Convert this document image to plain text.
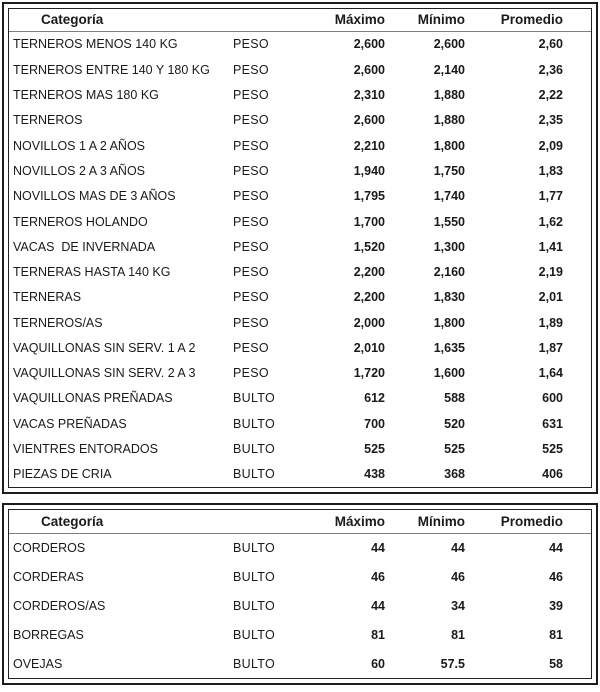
Categoría		Máximo	Mínimo	Promedio
TERNEROS MENOS 140 KG	PESO	2,600	2,600	2,60
TERNEROS ENTRE 140 Y 180 KG	PESO	2,600	2,140	2,36
TERNEROS MAS 180 KG	PESO	2,310	1,880	2,22
TERNEROS	PESO	2,600	1,880	2,35
NOVILLOS 1 A 2 AÑOS	PESO	2,210	1,800	2,09
NOVILLOS 2 A 3 AÑOS	PESO	1,940	1,750	1,83
NOVILLOS MAS DE 3 AÑOS	PESO	1,795	1,740	1,77
TERNEROS HOLANDO	PESO	1,700	1,550	1,62
VACAS  DE INVERNADA	PESO	1,520	1,300	1,41
TERNERAS HASTA 140 KG	PESO	2,200	2,160	2,19
TERNERAS	PESO	2,200	1,830	2,01
TERNEROS/AS	PESO	2,000	1,800	1,89
VAQUILLONAS SIN SERV. 1 A 2	PESO	2,010	1,635	1,87
VAQUILLONAS SIN SERV. 2 A 3	PESO	1,720	1,600	1,64
VAQUILLONAS PREÑADAS	BULTO	612	588	600
VACAS PREÑADAS	BULTO	700	520	631
VIENTRES ENTORADOS	BULTO	525	525	525
PIEZAS DE CRIA	BULTO	438	368	406
Categoría		Máximo	Mínimo	Promedio
CORDEROS	BULTO	44	44	44
CORDERAS	BULTO	46	46	46
CORDEROS/AS	BULTO	44	34	39
BORREGAS	BULTO	81	81	81
OVEJAS	BULTO	60	57.5	58
